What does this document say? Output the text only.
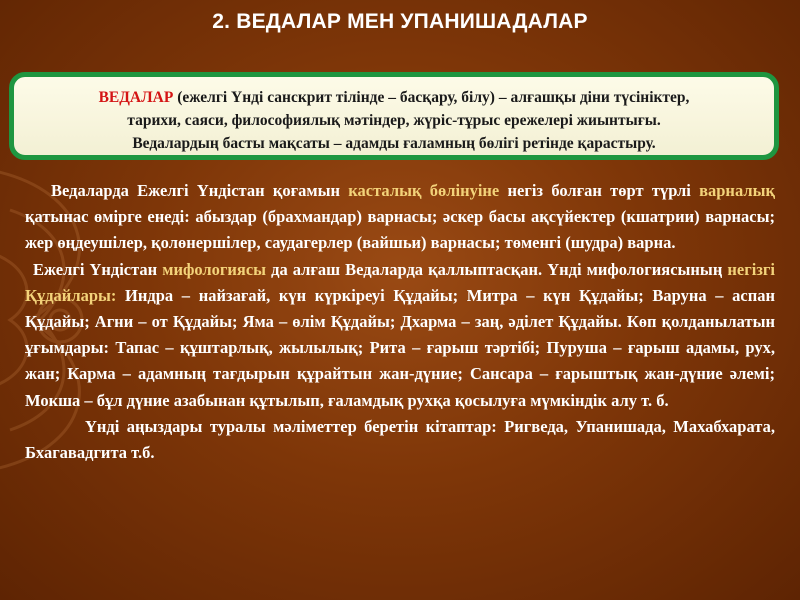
2. ВЕДАЛАР МЕН УПАНИШАДАЛАР

ВЕДАЛАР (ежелгі Үнді санскрит тілінде – басқару, білу) – алғашқы діни түсініктер,

тарихи, саяси, философиялық мәтіндер, жүріс-тұрыс ережелері жиынтығы.

Ведалардың басты мақсаты – адамды ғаламның бөлігі ретінде қарастыру.

Ведаларда Ежелгі Үндістан қоғамын касталық бөлінуіне негіз болған төрт түрлі варналық қатынас өмірге енеді: абыздар (брахмандар) варнасы; әскер басы ақсүйектер (кшатрии) варнасы; жер өңдеушілер, қолөнершілер, саудагерлер (вайшьи) варнасы; төменгі (шудра) варна.

Ежелгі Үндістан мифологиясы да алғаш Ведаларда қаллыптасқан. Үнді мифологиясының негізгі Құдайлары: Индра – найзағай, күн күркіреуі Құдайы; Митра – күн Құдайы; Варуна – аспан Құдайы; Агни – от Құдайы; Яма – өлім Құдайы; Дхарма – заң, әділет Құдайы. Көп қолданылатын ұғымдары: Тапас – құштарлық, жылылық; Рита – ғарыш тәртібі; Пуруша – ғарыш адамы, рух, жан; Карма – адамның тағдырын құрайтын жан-дүние; Сансара – ғарыштық жан-дүние әлемі; Мокша – бұл дүние азабынан құтылып, ғаламдық рухқа қосылуға мүмкіндік алу т. б.

Үнді аңыздары туралы мәліметтер беретін кітаптар: Ригведа, Упанишада, Махабхарата, Бхагавадгита т.б.
